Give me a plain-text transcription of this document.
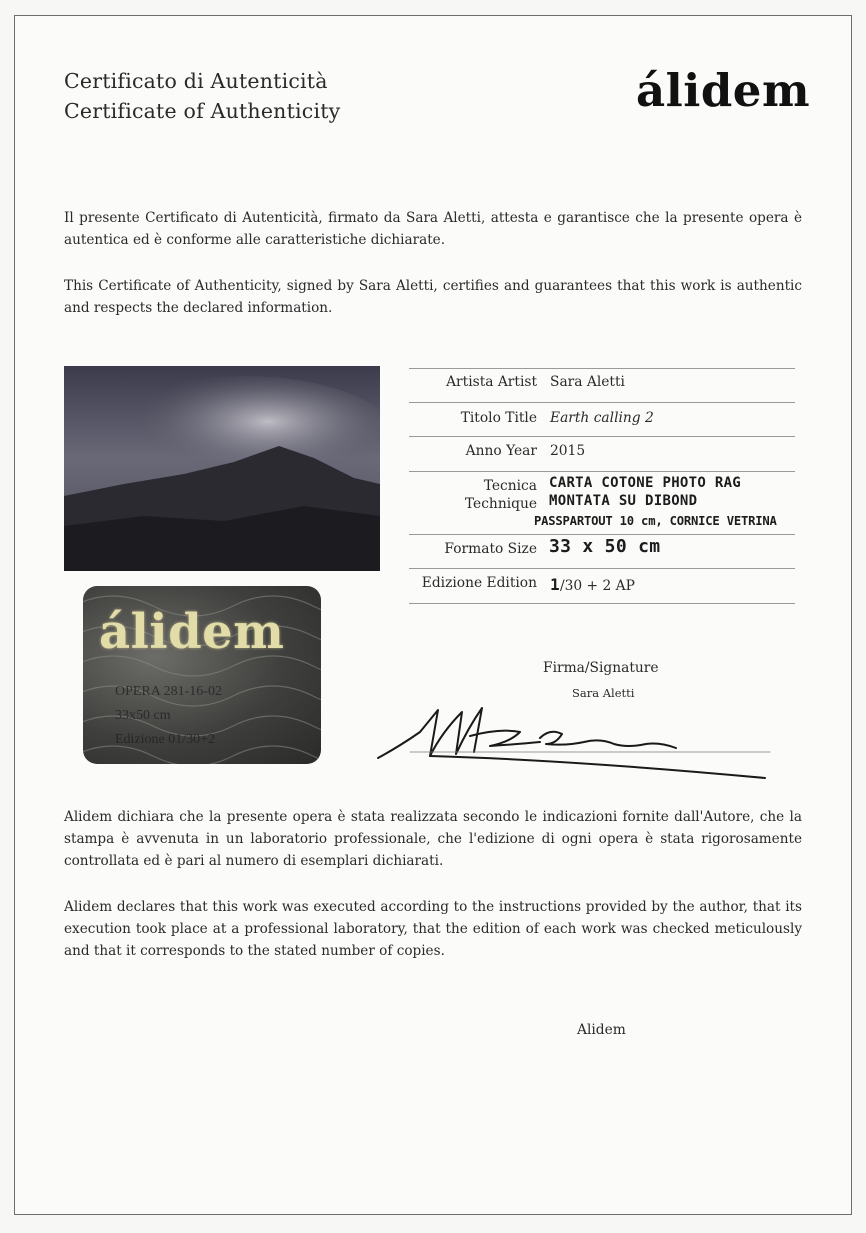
Certificato di Autenticità
Certificate of Authenticity	álidem
Il presente Certificato di Autenticità, firmato da Sara Aletti, attesta e garantisce che la presente opera è autentica ed è conforme alle caratteristiche dichiarate.
This Certificate of Authenticity, signed by Sara Aletti, certifies and guarantees that this work is authentic and respects the declared information.
álidem
OPERA 281-16-02
33x50 cm
Edizione 01/30+2
Artista Artist Sara Aletti
Titolo Title Earth calling 2
Anno Year 2015
Tecnica
Technique
CARTA COTONE PHOTO RAG
MONTATA SU DIBOND
PASSPARTOUT 10 cm, CORNICE VETRINA
Formato Size 33 x 50 cm
Edizione Edition 1/30 + 2 AP
Firma/Signature
Sara Aletti
Alidem dichiara che la presente opera è stata realizzata secondo le indicazioni fornite dall'Autore, che la stampa è avvenuta in un laboratorio professionale, che l'edizione di ogni opera è stata rigorosamente controllata ed è pari al numero di esemplari dichiarati.
Alidem declares that this work was executed according to the instructions provided by the author, that its execution took place at a professional laboratory, that the edition of each work was checked meticulously and that it corresponds to the stated number of copies.
Alidem
